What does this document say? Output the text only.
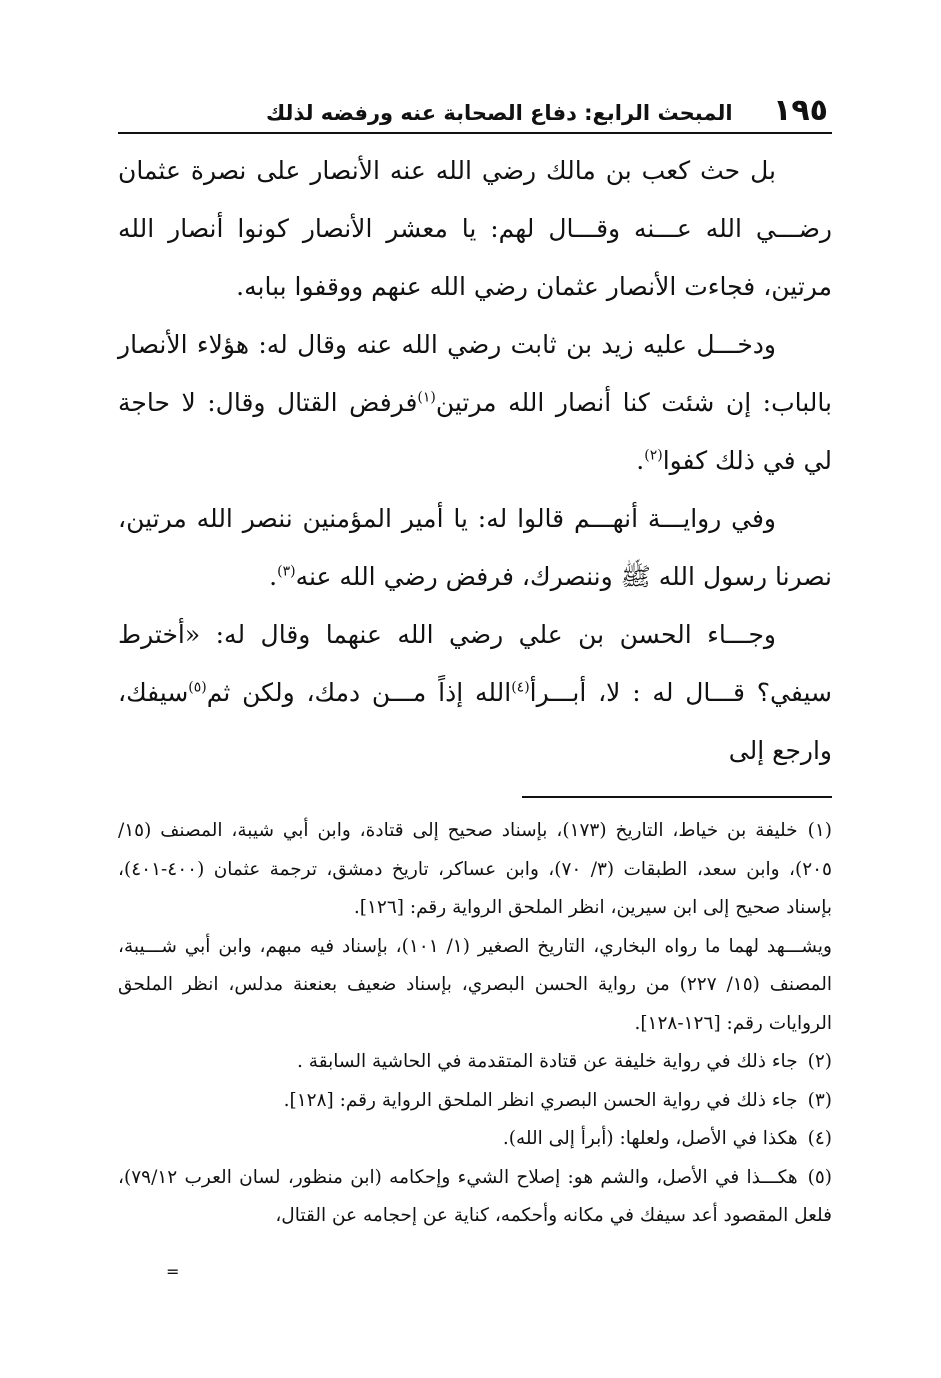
١٩٥
المبحث الرابع: دفاع الصحابة عنه ورفضه لذلك

بل حث كعب بن مالك رضي الله عنه الأنصار على نصرة عثمان رضـــي الله عـــنه وقـــال لهم: يا معشر الأنصار كونوا أنصار الله مرتين، فجاءت الأنصار عثمان رضي الله عنهم ووقفوا ببابه.

ودخـــل عليه زيد بن ثابت رضي الله عنه وقال له: هؤلاء الأنصار بالباب: إن شئت كنا أنصار الله مرتين$^{(١)}$فرفض القتال وقال: لا حاجة لي في ذلك كفوا$^{(٢)}$.

وفي روايـــة أنهـــم قالوا له: يا أمير المؤمنين ننصر الله مرتين، نصرنا رسول الله ﷺ وننصرك، فرفض رضي الله عنه$^{(٣)}$.

وجـــاء الحسن بن علي رضي الله عنهما وقال له: «أخترط سيفي؟ قـــال له : لا، أبـــرأ$^{(٤)}$الله إذاً مـــن دمك، ولكن ثم$^{(٥)}$سيفك، وارجع إلى

(١)خليفة بن خياط، التاريخ (١٧٣)، بإسناد صحيح إلى قتادة، وابن أبي شيبة، المصنف (١٥/ ٢٠٥)، وابن سعد، الطبقات (٣/ ٧٠)، وابن عساكر، تاريخ دمشق، ترجمة عثمان (٤٠٠-٤٠١)، بإسناد صحيح إلى ابن سيرين، انظر الملحق الرواية رقم: [١٢٦].

ويشـــهد لهما ما رواه البخاري، التاريخ الصغير (١/ ١٠١)، بإسناد فيه مبهم، وابن أبي شـــيبة، المصنف (١٥/ ٢٢٧) من رواية الحسن البصري، بإسناد ضعيف بعنعنة مدلس، انظر الملحق الروايات رقم: [١٢٦-١٢٨].

(٢)جاء ذلك في رواية خليفة عن قتادة المتقدمة في الحاشية السابقة .

(٣)جاء ذلك في رواية الحسن البصري انظر الملحق الرواية رقم: [١٢٨].

(٤)هكذا في الأصل، ولعلها: (أبرأ إلى الله).

(٥)هكـــذا في الأصل، والشم هو: إصلاح الشيء وإحكامه (ابن منظور، لسان العرب ٧٩/١٢)، فلعل المقصود أعد سيفك في مكانه وأحكمه، كناية عن إحجامه عن القتال،

=
